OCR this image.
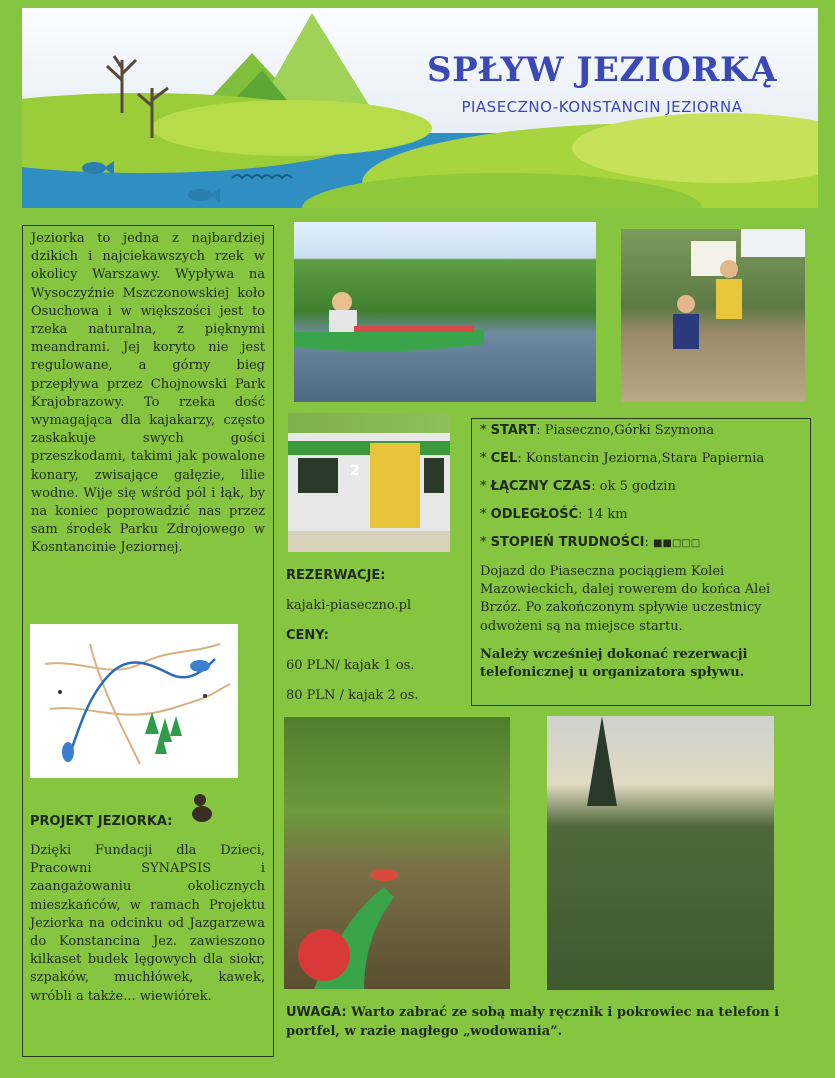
SPŁYW JEZIORKĄ
PIASECZNO-KONSTANCIN JEZIORNA

Jeziorka to jedna z najbardziej dzikich i najciekawszych rzek w okolicy Warszawy. Wypływa na Wysoczyźnie Mszczonowskiej koło Osuchowa i w większości jest to rzeka naturalna, z pięknymi meandrami. Jej koryto nie jest regulowane, a górny bieg przepływa przez Chojnowski Park Krajobrazowy. To rzeka dość wymagająca dla kajakarzy, często zaskakuje swych gości przeszkodami, takimi jak powalone konary, zwisające gałęzie, lilie wodne. Wije się wśród pól i łąk, by na koniec poprowadzić nas przez sam środek Parku Zdrojowego w Kosntancinie Jeziornej.

PROJEKT JEZIORKA:

Dzięki Fundacji dla Dzieci, Pracowni SYNAPSIS i zaangażowaniu okolicznych mieszkańców, w ramach Projektu Jeziorka na odcinku od Jazgarzewa do Konstancina Jez. zawieszono kilkaset budek lęgowych dla siokr, szpaków, muchłówek, kawek, wróbli a także... wiewiórek.

2
REZERWACJE:
kajaki-piaseczno.pl
CENY:
60 PLN/ kajak 1 os.
80 PLN / kajak 2 os.
* START: Piaseczno,Górki Szymona
* CEL: Konstancin Jeziorna,Stara Papiernia
* ŁĄCZNY CZAS: ok 5 godzin
* ODLEGŁOŚĆ: 14 km
* STOPIEŃ TRUDNOŚCI: ■■□□□

Dojazd do Piaseczna pociągiem Kolei Mazowieckich, dalej rowerem do końca Alei Brzóz. Po zakończonym spływie uczestnicy odwożeni są na miejsce startu.

Należy wcześniej dokonać rezerwacji telefonicznej u organizatora spływu.

UWAGA: Warto zabrać ze sobą mały ręcznik i pokrowiec na telefon i portfel, w razie nagłego „wodowania”.
